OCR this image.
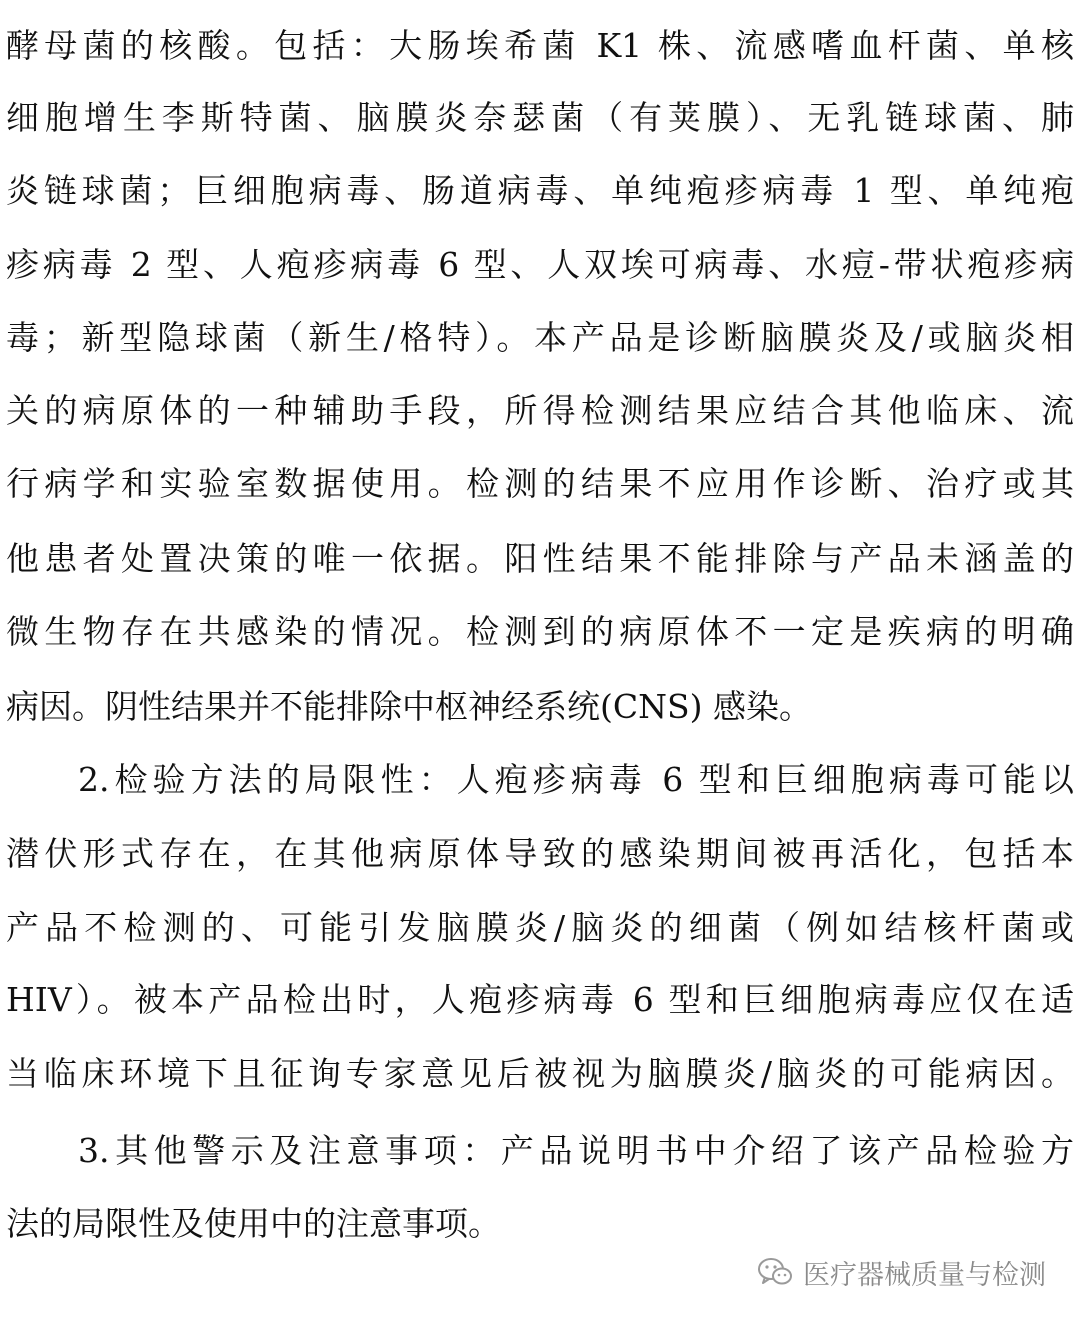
酵母菌的核酸。包括：大肠埃希菌 K1 株、流感嗜血杆菌、单核
细胞增生李斯特菌、脑膜炎奈瑟菌（有荚膜）、无乳链球菌、肺
炎链球菌；巨细胞病毒、肠道病毒、单纯疱疹病毒 1 型、单纯疱
疹病毒 2 型、人疱疹病毒 6 型、人双埃可病毒、水痘-带状疱疹病
毒；新型隐球菌（新生/格特）。本产品是诊断脑膜炎及/或脑炎相
关的病原体的一种辅助手段，所得检测结果应结合其他临床、流
行病学和实验室数据使用。检测的结果不应用作诊断、治疗或其
他患者处置决策的唯一依据。阳性结果不能排除与产品未涵盖的
微生物存在共感染的情况。检测到的病原体不一定是疾病的明确
病因。阴性结果并不能排除中枢神经系统(CNS) 感染。
2.检验方法的局限性：人疱疹病毒 6 型和巨细胞病毒可能以
潜伏形式存在，在其他病原体导致的感染期间被再活化，包括本
产品不检测的、可能引发脑膜炎/脑炎的细菌（例如结核杆菌或
HIV）。被本产品检出时，人疱疹病毒 6 型和巨细胞病毒应仅在适
当临床环境下且征询专家意见后被视为脑膜炎/脑炎的可能病因。
3.其他警示及注意事项：产品说明书中介绍了该产品检验方
法的局限性及使用中的注意事项。
医疗器械质量与检测
